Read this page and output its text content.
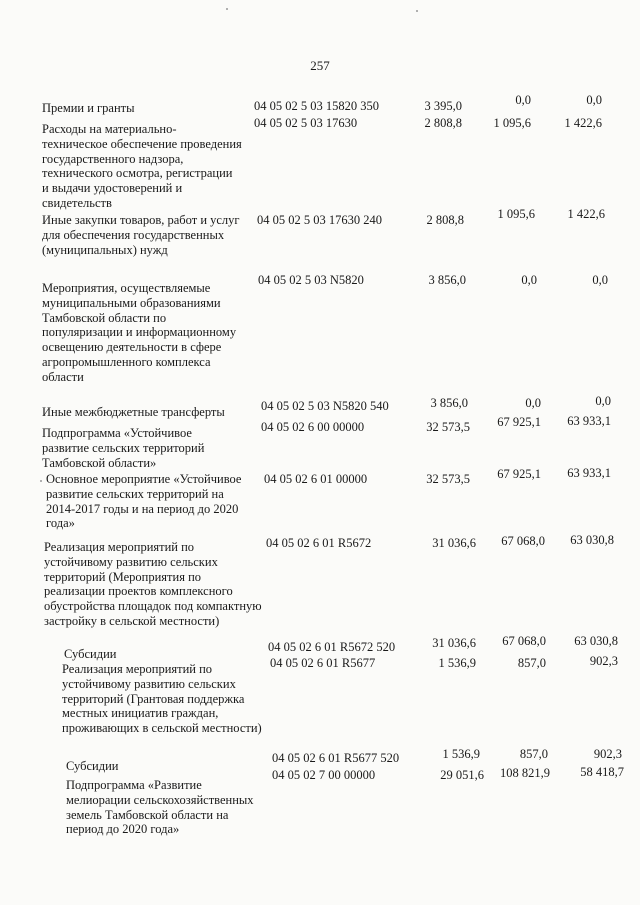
257
Премии и гранты	04 05 02 5 03 15820 350	3 395,0	0,0	0,0
Расходы на материально-техническое обеспечение проведения государственного надзора, технического осмотра, регистрации и выдачи удостоверений и свидетельств
04 05 02 5 03 17630	2 808,8	1 095,6	1 422,6
Иные закупки товаров, работ и услуг для обеспечения государственных (муниципальных) нужд
04 05 02 5 03 17630 240	2 808,8	1 095,6	1 422,6
Мероприятия, осуществляемые муниципальными образованиями Тамбовской области по популяризации и информационному освещению деятельности в сфере агропромышленного комплекса области
04 05 02 5 03 N5820	3 856,0	0,0	0,0
Иные межбюджетные трансферты	04 05 02 5 03 N5820 540	3 856,0	0,0	0,0
Подпрограмма «Устойчивое развитие сельских территорий Тамбовской области»
04 05 02 6 00 00000	32 573,5	67 925,1	63 933,1
Основное мероприятие «Устойчивое развитие сельских территорий на 2014-2017 годы и на период до 2020 года»
04 05 02 6 01 00000	32 573,5	67 925,1	63 933,1
Реализация мероприятий по устойчивому развитию сельских территорий (Мероприятия по реализации проектов комплексного обустройства площадок под компактную застройку в сельской местности)
04 05 02 6 01 R5672	31 036,6	67 068,0	63 030,8
Субсидии	04 05 02 6 01 R5672 520	31 036,6	67 068,0	63 030,8
Реализация мероприятий по устойчивому развитию сельских территорий (Грантовая поддержка местных инициатив граждан, проживающих в сельской местности)
04 05 02 6 01 R5677	1 536,9	857,0	902,3
Субсидии
04 05 02 6 01 R5677 520	1 536,9	857,0	902,3
Подпрограмма «Развитие мелиорации сельскохозяйственных земель Тамбовской области на период до 2020 года»
04 05 02 7 00 00000	29 051,6	108 821,9	58 418,7
